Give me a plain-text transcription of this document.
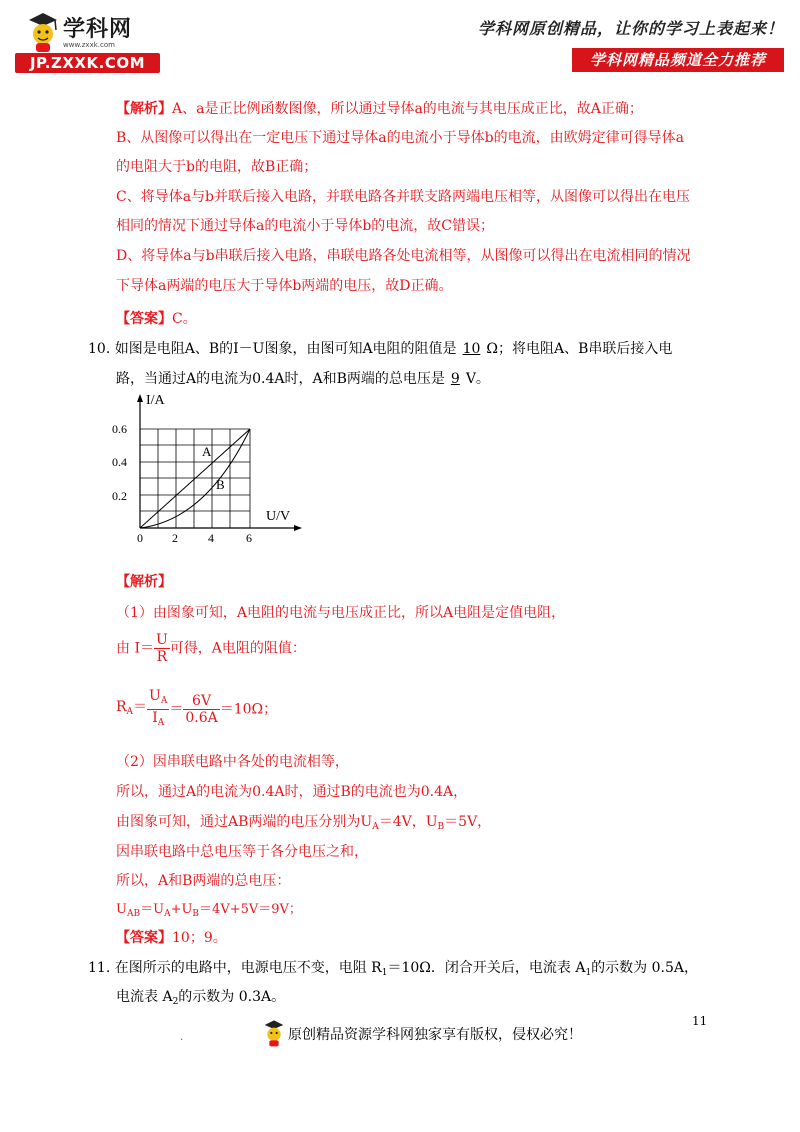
学科网
www.zxxk.com
JP.ZXXK.COM
学科网原创精品，让你的学习上表起来！
学科网精品频道全力推荐
【解析】A、a是正比例函数图像，所以通过导体a的电流与其电压成正比，故A正确；
B、从图像可以得出在一定电压下通过导体a的电流小于导体b的电流，由欧姆定律可得导体a
的电阻大于b的电阻，故B正确；
C、将导体a与b并联后接入电路，并联电路各并联支路两端电压相等，从图像可以得出在电压
相同的情况下通过导体a的电流小于导体b的电流，故C错误；
D、将导体a与b串联后接入电路，串联电路各处电流相等，从图像可以得出在电流相同的情况
下导体a两端的电压大于导体b两端的电压，故D正确。
【答案】C。
10. 如图是电阻A、B的I－U图象，由图可知A电阻的阻值是 10 Ω；将电阻A、B串联后接入电
路，当通过A的电流为0.4A时，A和B两端的总电压是 9 V。
I/A
U/V
0.2
0.4
0.6
0 2	4	6
A
B
【解析】
（1）由图象可知，A电阻的电流与电压成正比，所以A电阻是定值电阻，
由 $I= \frac{U}{R}$ 可得，A电阻的阻值：
$R_A= \frac{U_A}{I_A} = \frac{6V}{0.6A} =10\Omega$；
（2）因串联电路中各处的电流相等，
所以，通过A的电流为0.4A时，通过B的电流也为0.4A，
由图象可知，通过AB两端的电压分别为$U_A=4V$，$U_B=5V$，
因串联电路中总电压等于各分电压之和，
所以，A和B两端的总电压：
$U_{AB}=U_A+U_B=4V+5V=9V$；
【答案】10；9。
11. 在图所示的电路中，电源电压不变，电阻 $R_1=10\Omega$．闭合开关后，电流表 $A_1$的示数为 0.5A，
电流表 $A_2$的示数为 0.3A。
11
.	原创精品资源学科网独家享有版权，侵权必究！
